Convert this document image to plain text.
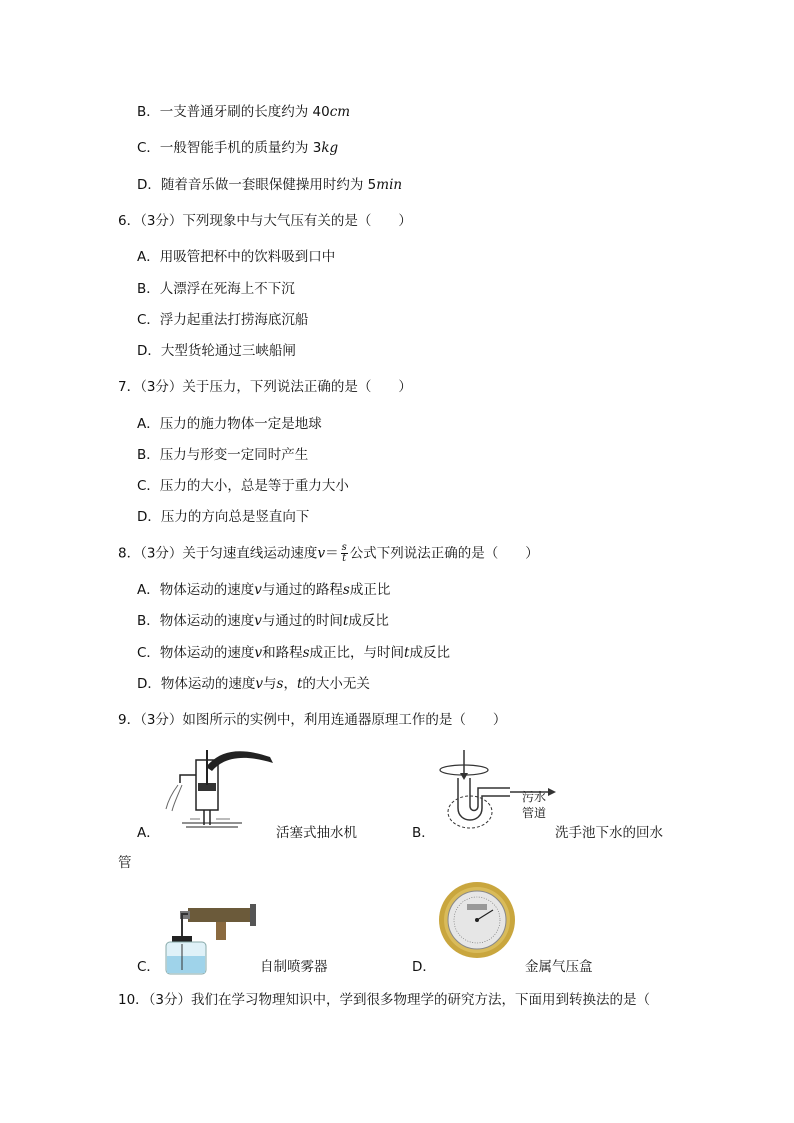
B．一支普通牙刷的长度约为 40cm
C．一般智能手机的质量约为 3kg
D．随着音乐做一套眼保健操用时约为 5min
6．（3分）下列现象中与大气压有关的是（　　）
A．用吸管把杯中的饮料吸到口中
B．人漂浮在死海上不下沉
C．浮力起重法打捞海底沉船
D．大型货轮通过三峡船闸
7．（3分）关于压力，下列说法正确的是（　　）
A．压力的施力物体一定是地球
B．压力与形变一定同时产生
C．压力的大小，总是等于重力大小
D．压力的方向总是竖直向下
8．（3分）关于匀速直线运动速度$v= \frac{s}{t}$ 公式下列说法正确的是（　　）
A．物体运动的速度v与通过的路程s成正比
B．物体运动的速度v与通过的时间t成反比
C．物体运动的速度v和路程s成正比，与时间t成反比
D．物体运动的速度v与s，t的大小无关
9．（3分）如图所示的实例中，利用连通器原理工作的是（　　）
A．	活塞式抽水机
污水
管道
B．	洗手池下水的回水
管
C．	自制喷雾器	D．	金属气压盒
10．（3分）我们在学习物理知识中，学到很多物理学的研究方法，下面用到转换法的是（
